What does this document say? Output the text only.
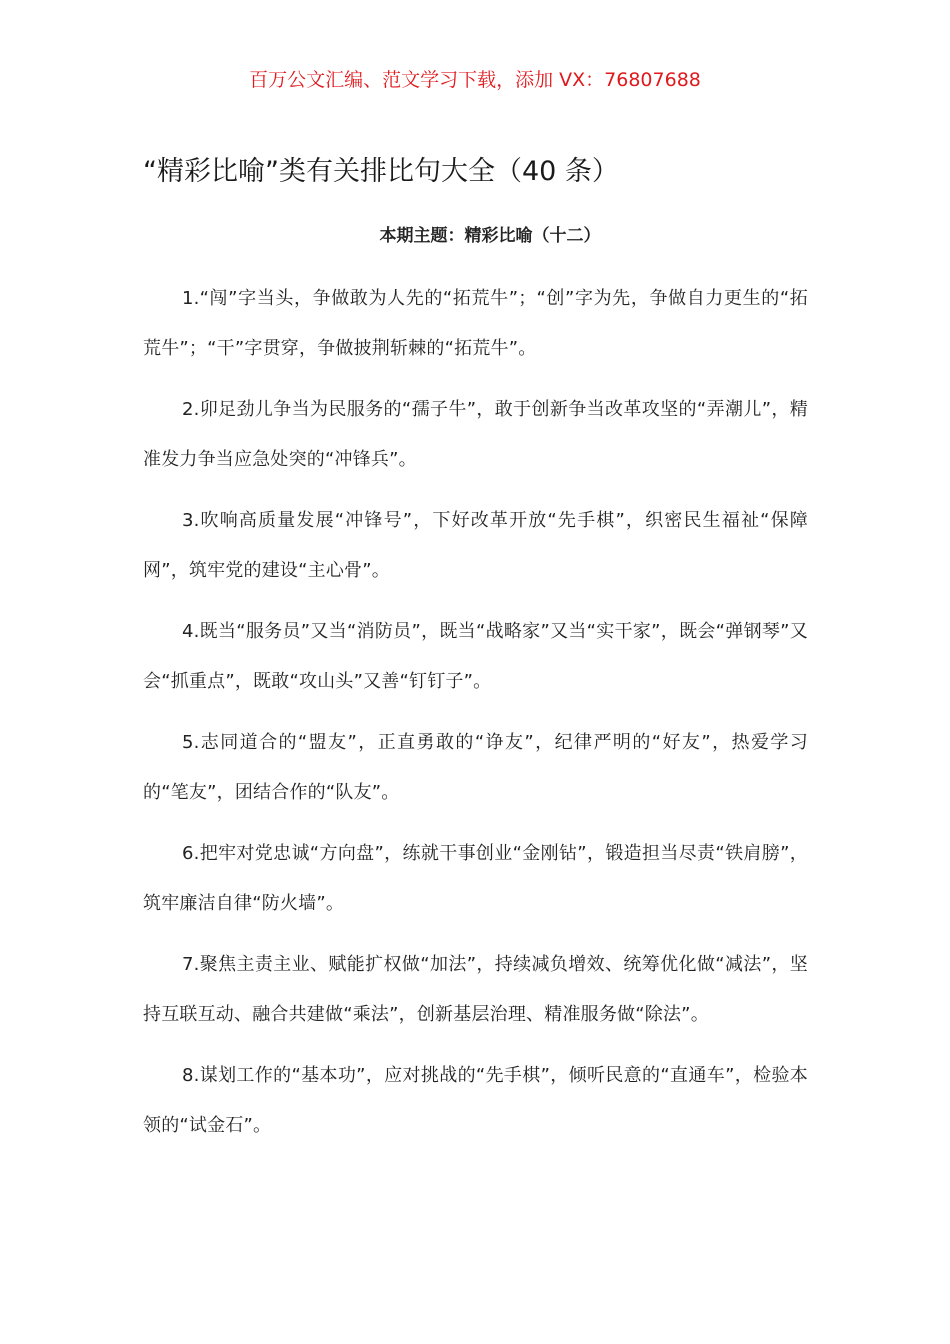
百万公文汇编、范文学习下载，添加 VX：76807688
“精彩比喻”类有关排比句大全（40 条）
本期主题：精彩比喻（十二）

1.“闯”字当头，争做敢为人先的“拓荒牛”；“创”字为先，争做自力更生的“拓荒牛”；“干”字贯穿，争做披荆斩棘的“拓荒牛”。

2.卯足劲儿争当为民服务的“孺子牛”，敢于创新争当改革攻坚的“弄潮儿”，精准发力争当应急处突的“冲锋兵”。

3.吹响高质量发展“冲锋号”，下好改革开放“先手棋”，织密民生福祉“保障网”，筑牢党的建设“主心骨”。

4.既当“服务员”又当“消防员”，既当“战略家”又当“实干家”，既会“弹钢琴”又会“抓重点”，既敢“攻山头”又善“钉钉子”。

5.志同道合的“盟友”，正直勇敢的“诤友”，纪律严明的“好友”，热爱学习的“笔友”，团结合作的“队友”。

6.把牢对党忠诚“方向盘”，练就干事创业“金刚钻”，锻造担当尽责“铁肩膀”，筑牢廉洁自律“防火墙”。

7.聚焦主责主业、赋能扩权做“加法”，持续减负增效、统筹优化做“减法”，坚持互联互动、融合共建做“乘法”，创新基层治理、精准服务做“除法”。

8.谋划工作的“基本功”，应对挑战的“先手棋”，倾听民意的“直通车”，检验本领的“试金石”。
